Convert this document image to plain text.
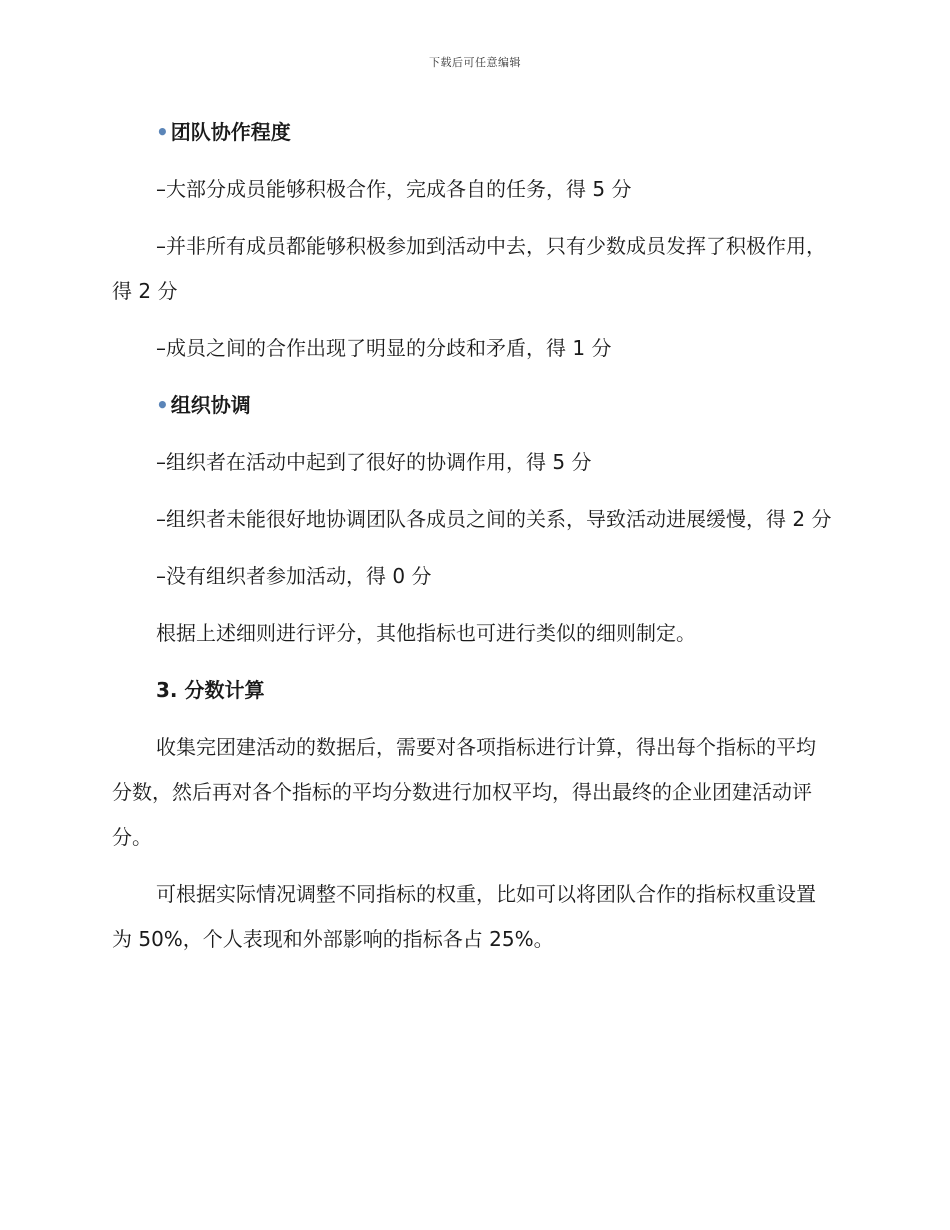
下载后可任意编辑

• 团队协作程度

–大部分成员能够积极合作，完成各自的任务，得 5 分

–并非所有成员都能够积极参加到活动中去，只有少数成员发挥了积极作用，得 2 分

–成员之间的合作出现了明显的分歧和矛盾，得 1 分

• 组织协调

–组织者在活动中起到了很好的协调作用，得 5 分

–组织者未能很好地协调团队各成员之间的关系，导致活动进展缓慢，得 2 分

–没有组织者参加活动，得 0 分

根据上述细则进行评分，其他指标也可进行类似的细则制定。

3. 分数计算

收集完团建活动的数据后，需要对各项指标进行计算，得出每个指标的平均分数，然后再对各个指标的平均分数进行加权平均，得出最终的企业团建活动评分。

可根据实际情况调整不同指标的权重，比如可以将团队合作的指标权重设置为 50%，个人表现和外部影响的指标各占 25%。
